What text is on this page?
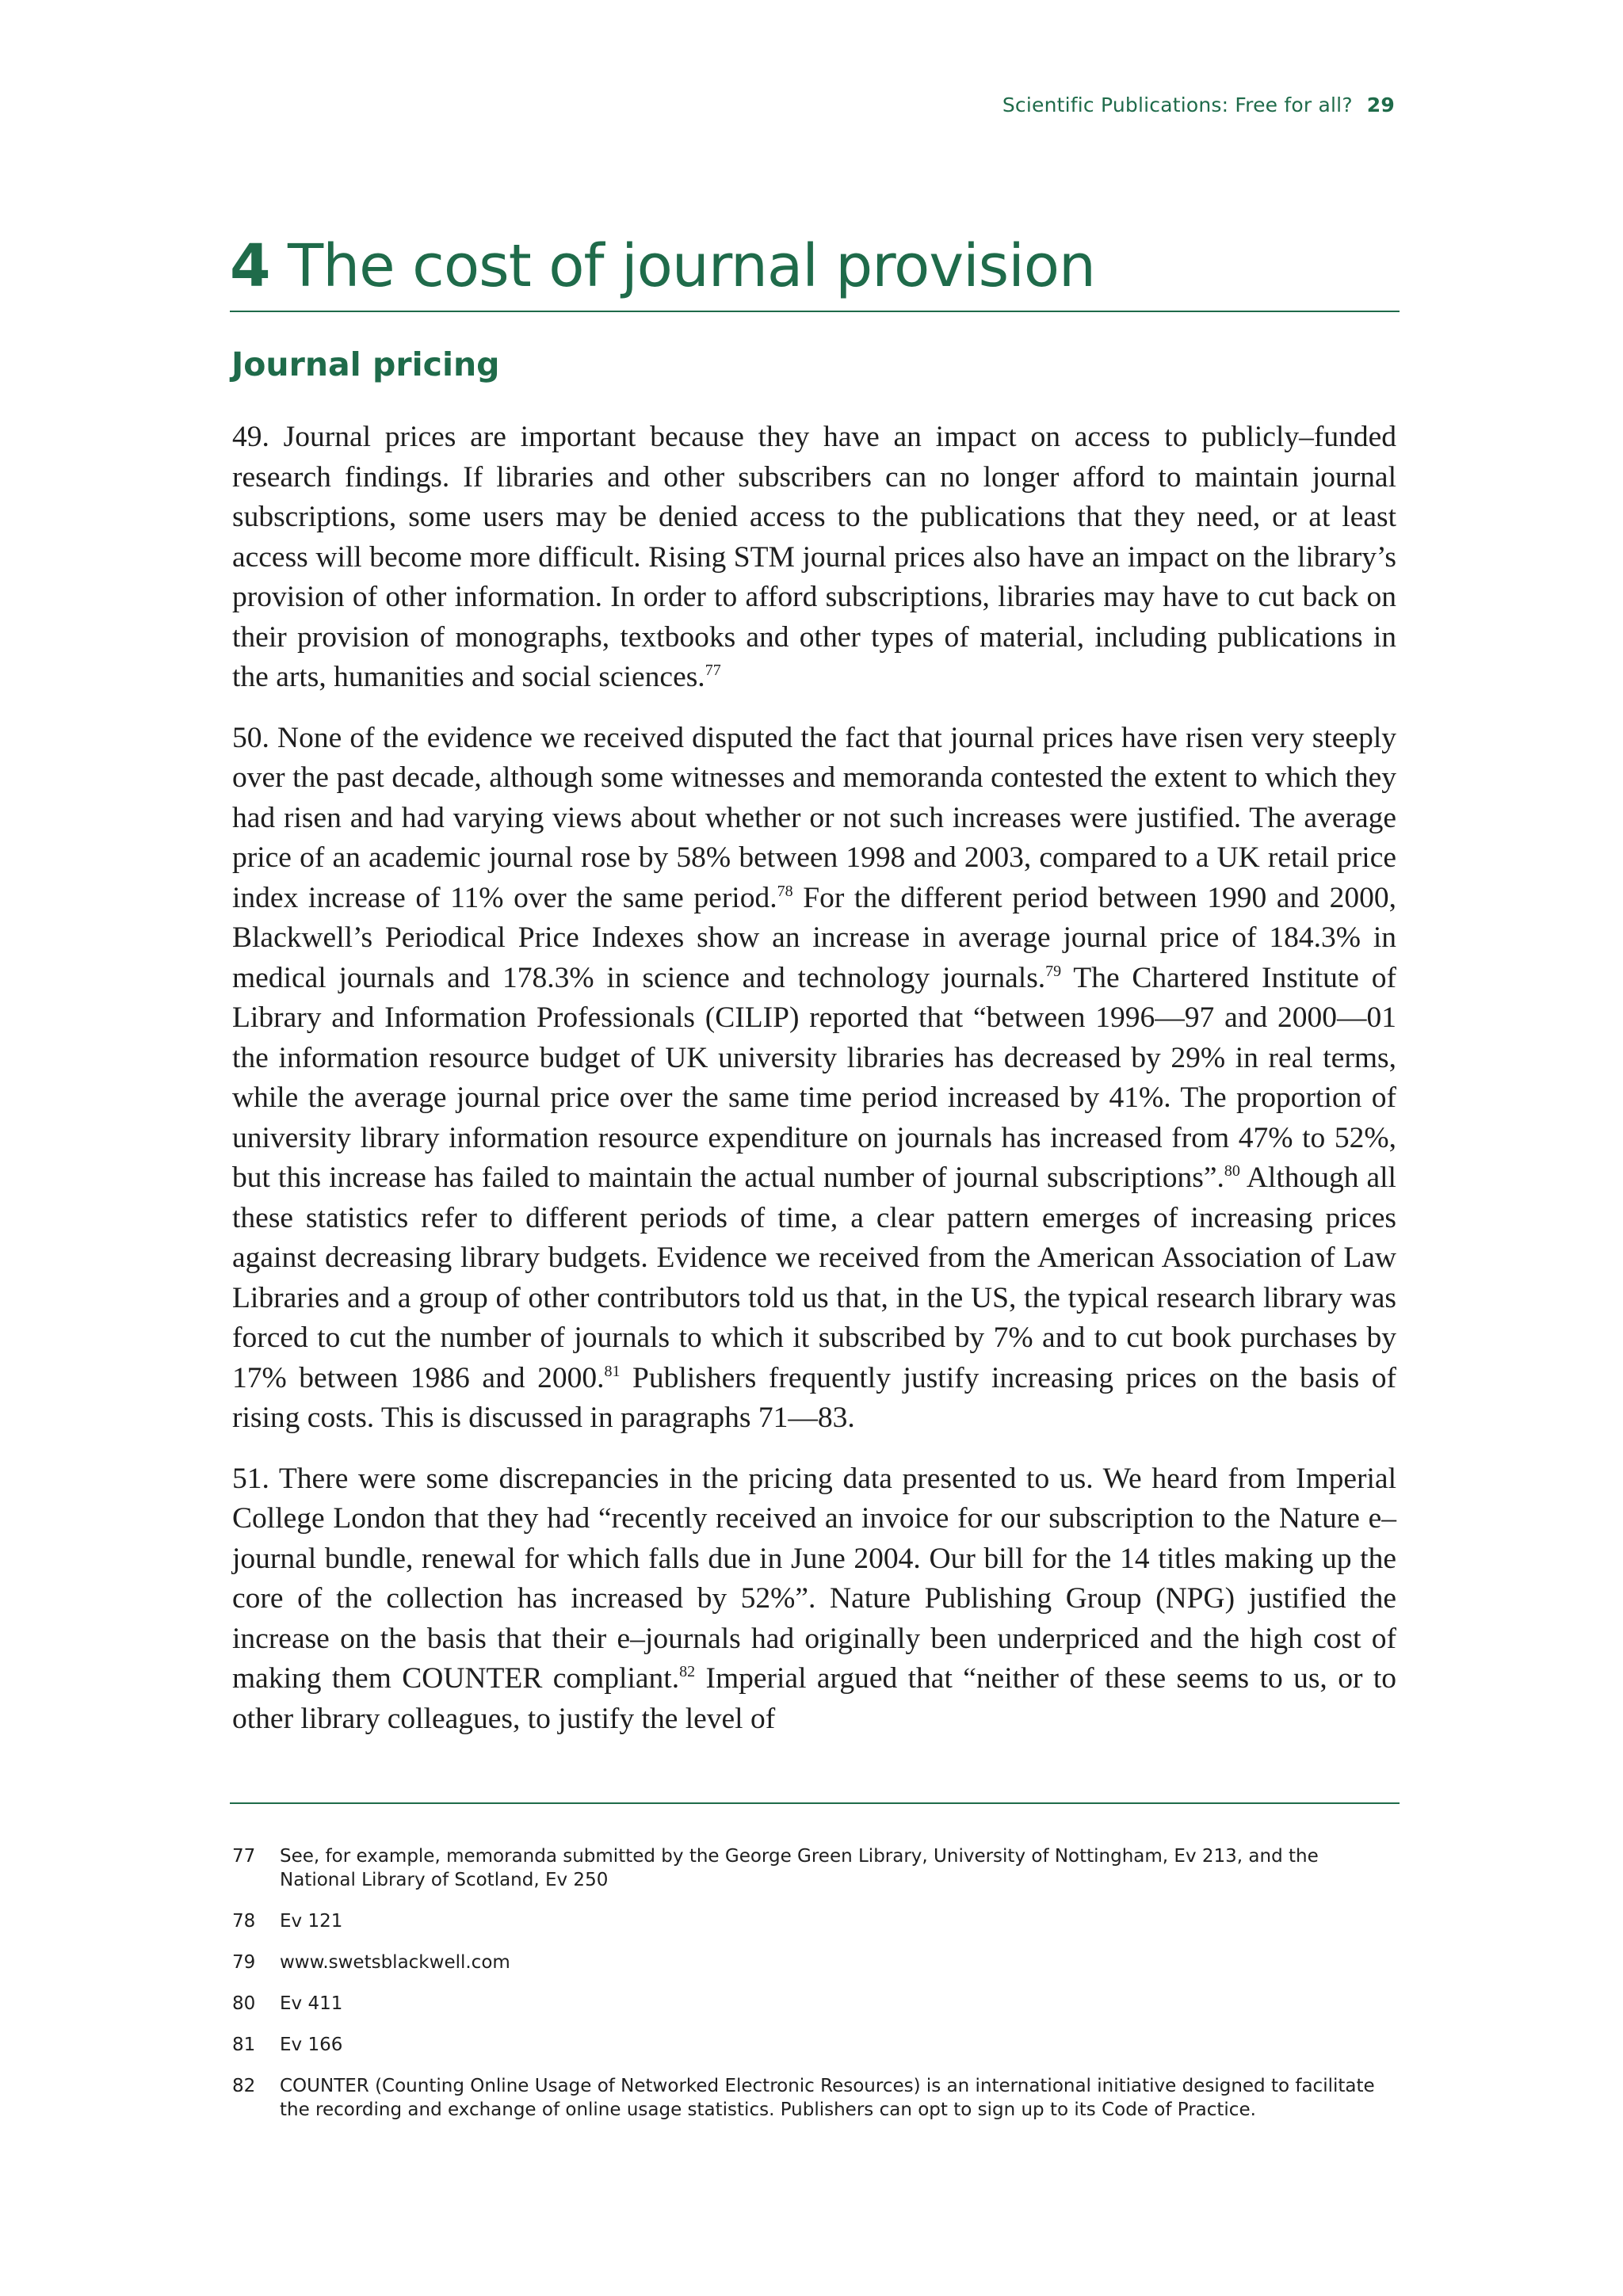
Scientific Publications: Free for all? 29
4 The cost of journal provision
Journal pricing

49. Journal prices are important because they have an impact on access to publicly–funded research findings. If libraries and other subscribers can no longer afford to maintain journal subscriptions, some users may be denied access to the publications that they need, or at least access will become more difficult. Rising STM journal prices also have an impact on the library’s provision of other information. In order to afford subscriptions, libraries may have to cut back on their provision of monographs, textbooks and other types of material, including publications in the arts, humanities and social sciences.$^{77}$

50. None of the evidence we received disputed the fact that journal prices have risen very steeply over the past decade, although some witnesses and memoranda contested the extent to which they had risen and had varying views about whether or not such increases were justified. The average price of an academic journal rose by 58% between 1998 and 2003, compared to a UK retail price index increase of 11% over the same period.$^{78}$ For the different period between 1990 and 2000, Blackwell’s Periodical Price Indexes show an increase in average journal price of 184.3% in medical journals and 178.3% in science and technology journals.$^{79}$ The Chartered Institute of Library and Information Professionals (CILIP) reported that “between 1996—97 and 2000—01 the information resource budget of UK university libraries has decreased by 29% in real terms, while the average journal price over the same time period increased by 41%. The proportion of university library information resource expenditure on journals has increased from 47% to 52%, but this increase has failed to maintain the actual number of journal subscriptions”.$^{80}$ Although all these statistics refer to different periods of time, a clear pattern emerges of increasing prices against decreasing library budgets. Evidence we received from the American Association of Law Libraries and a group of other contributors told us that, in the US, the typical research library was forced to cut the number of journals to which it subscribed by 7% and to cut book purchases by 17% between 1986 and 2000.81 Publishers frequently justify increasing prices on the basis of rising costs. This is discussed in paragraphs 71—83.

51. There were some discrepancies in the pricing data presented to us. We heard from Imperial College London that they had “recently received an invoice for our subscription to the Nature e–journal bundle, renewal for which falls due in June 2004. Our bill for the 14 titles making up the core of the collection has increased by 52%”. Nature Publishing Group (NPG) justified the increase on the basis that their e–journals had originally been underpriced and the high cost of making them COUNTER compliant.$^{82}$ Imperial argued that “neither of these seems to us, or to other library colleagues, to justify the level of

77	See, for example, memoranda submitted by the George Green Library, University of Nottingham, Ev 213, and the National Library of Scotland, Ev 250
78	Ev 121
79	www.swetsblackwell.com
80	Ev 411
81	Ev 166
82	COUNTER (Counting Online Usage of Networked Electronic Resources) is an international initiative designed to facilitate the recording and exchange of online usage statistics. Publishers can opt to sign up to its Code of Practice.
